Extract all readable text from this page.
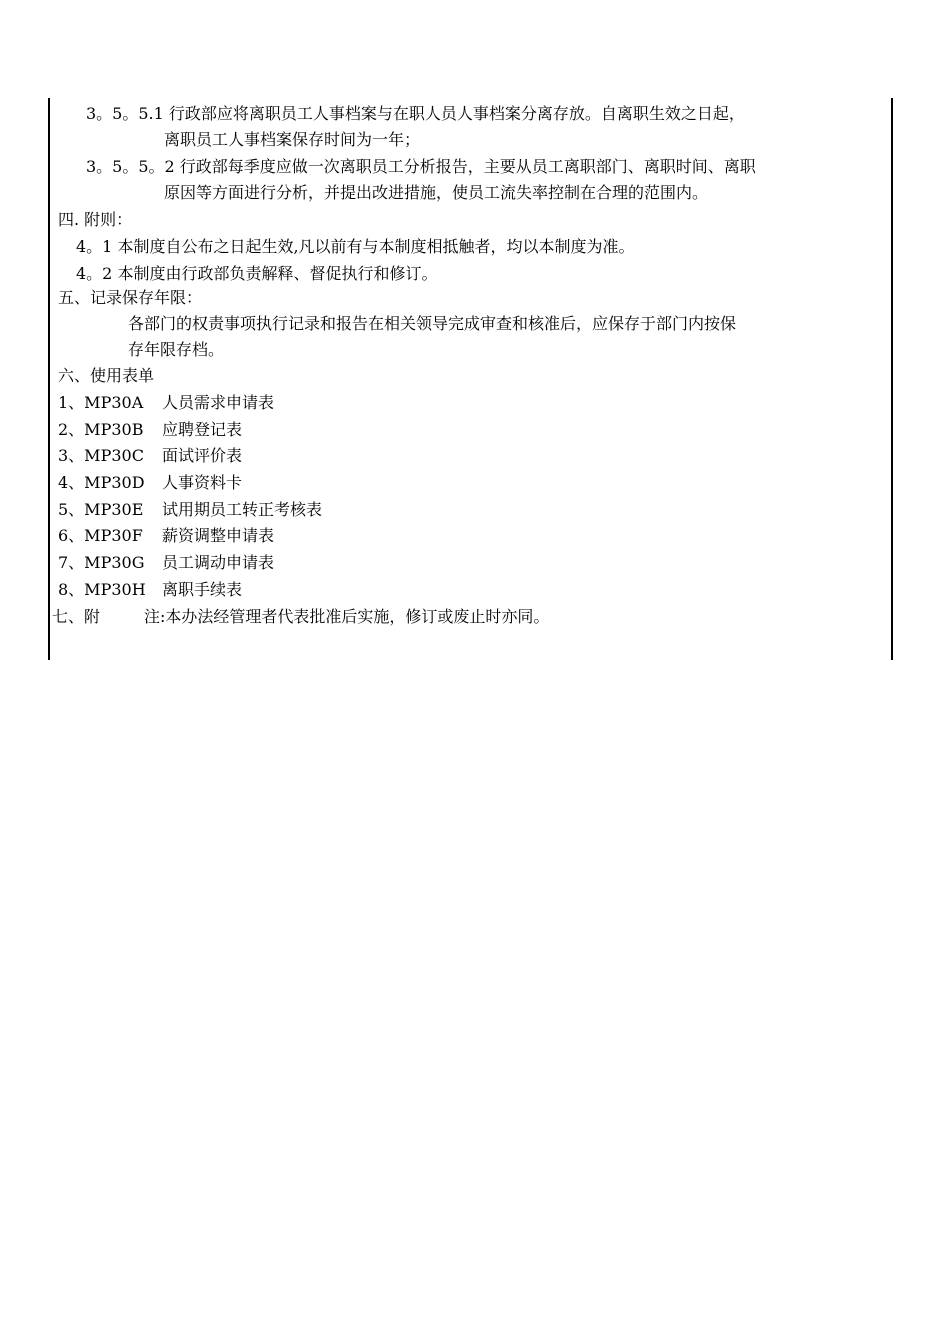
3。5。5.1 行政部应将离职员工人事档案与在职人员人事档案分离存放。自离职生效之日起，
离职员工人事档案保存时间为一年；
3。5。5。2 行政部每季度应做一次离职员工分析报告，主要从员工离职部门、离职时间、离职
原因等方面进行分析，并提出改进措施，使员工流失率控制在合理的范围内。
四. 附则：
4。1 本制度自公布之日起生效,凡以前有与本制度相抵触者，均以本制度为准。
4。2 本制度由行政部负责解释、督促执行和修订。
五、记录保存年限：
各部门的权责事项执行记录和报告在相关领导完成审查和核准后，应保存于部门内按保
存年限存档。
六、使用表单
1、MP30A 人员需求申请表
2、MP30B 应聘登记表
3、MP30C 面试评价表
4、MP30D 人事资料卡
5、MP30E 试用期员工转正考核表
6、MP30F 薪资调整申请表
7、MP30G 员工调动申请表
8、MP30H 离职手续表
七、附	注:本办法经管理者代表批准后实施，修订或废止时亦同。
